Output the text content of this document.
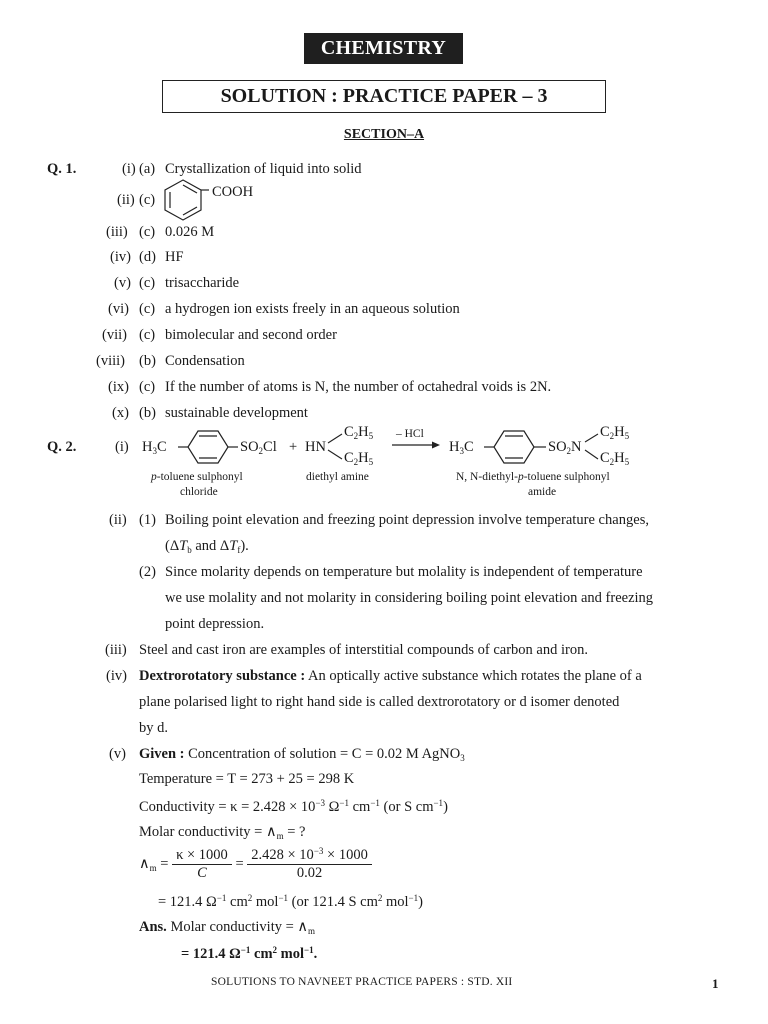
CHEMISTRY
SOLUTION : PRACTICE PAPER – 3
SECTION–A
Q. 1.	(i) (a) Crystallization of liquid into solid
(ii) (c)	COOH
(iii) (c) 0.026 M
(iv) (d) HF
(v) (c) trisaccharide
(vi) (c) a hydrogen ion exists freely in an aqueous solution
(vii) (c) bimolecular and second order
(viii) (b) Condensation
(ix) (c) If the number of atoms is N, the number of octahedral voids is 2N.
(x) (b) sustainable development
Q. 2.	(i) $H_3C$	$SO_2Cl$ + HN
$C_2H_5$
$C_2H_5$
– HCl
$H_3C$	$SO_2N$
$C_2H_5$
$C_2H_5$
p-toluene sulphonyl
chloride
diethyl amine	N, N-diethyl-p-toluene sulphonyl
amide
(ii) (1) Boiling point elevation and freezing point depression involve temperature changes,
($\Delta T_b$ and $\Delta T_f$).
(2) Since molarity depends on temperature but molality is independent of temperature
we use molality and not molarity in considering boiling point elevation and freezing
point depression.
(iii) Steel and cast iron are examples of interstitial compounds of carbon and iron.
(iv) Dextrorotatory substance : An optically active substance which rotates the plane of a
plane polarised light to right hand side is called dextrorotatory or d isomer denoted
by d.
(v) Given : Concentration of solution = C = 0.02 M AgNO$_3$
Temperature = T = 273 + 25 = 298 K
Conductivity = $\kappa = 2.428 \times 10^{-3}$ $\Omega^{-1}$ $cm^{-1}$ (or S $cm^{-1}$)
Molar conductivity = $\wedge_m$ = ?
$\wedge_m = \frac{\kappa \times 1000}{C} = \frac{2.428 \times 10^{-3} \times 1000}{0.02}$
= 121.4 $\Omega^{-1}$ $cm^2$ mol$^{-1}$ (or 121.4 S $cm^2$ mol$^{-1}$)
Ans. Molar conductivity = $\wedge_m$
= 121.4 $\Omega^{-1}$ $cm^2$ mol$^{-1}$.
SOLUTIONS TO NAVNEET PRACTICE PAPERS : STD. XII	1
